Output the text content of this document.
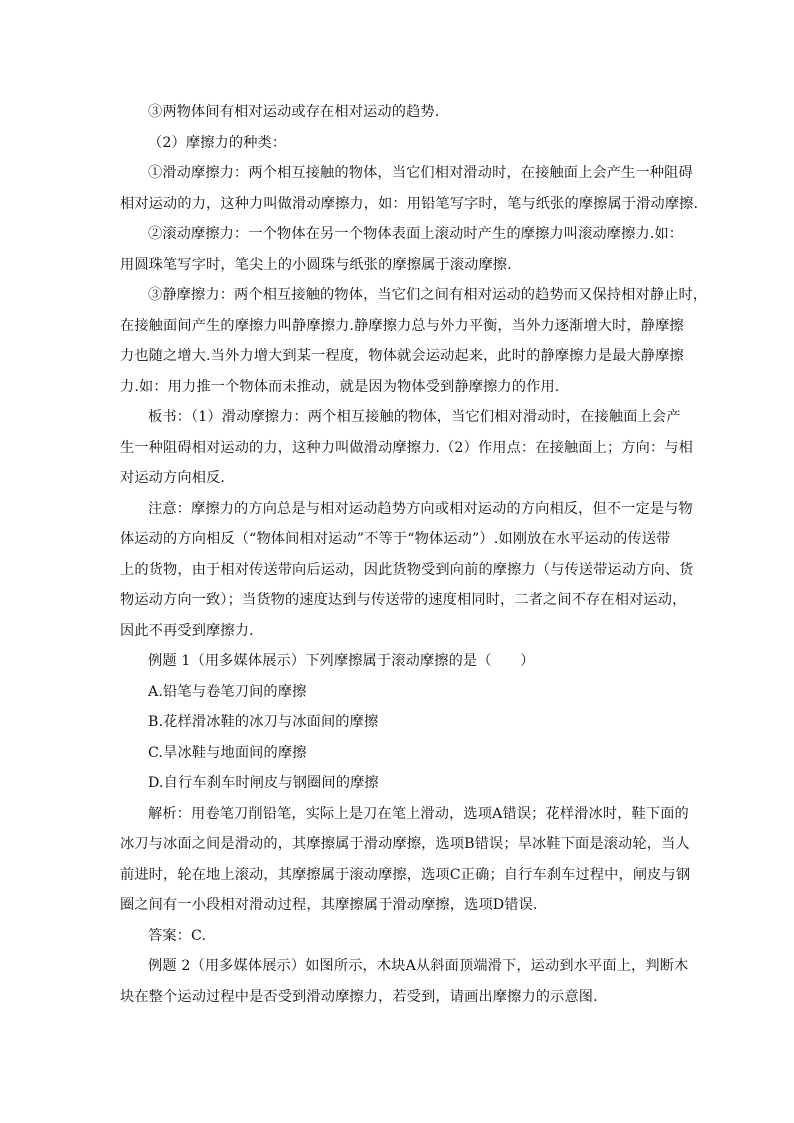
③两物体间有相对运动或存在相对运动的趋势.

（2）摩擦力的种类：

①滑动摩擦力：两个相互接触的物体，当它们相对滑动时，在接触面上会产生一种阻碍

相对运动的力，这种力叫做滑动摩擦力，如：用铅笔写字时，笔与纸张的摩擦属于滑动摩擦.

②滚动摩擦力：一个物体在另一个物体表面上滚动时产生的摩擦力叫滚动摩擦力.如：

用圆珠笔写字时，笔尖上的小圆珠与纸张的摩擦属于滚动摩擦.

③静摩擦力：两个相互接触的物体，当它们之间有相对运动的趋势而又保持相对静止时，

在接触面间产生的摩擦力叫静摩擦力.静摩擦力总与外力平衡，当外力逐渐增大时，静摩擦

力也随之增大.当外力增大到某一程度，物体就会运动起来，此时的静摩擦力是最大静摩擦

力.如：用力推一个物体而未推动，就是因为物体受到静摩擦力的作用.

板书：（1）滑动摩擦力：两个相互接触的物体，当它们相对滑动时，在接触面上会产

生一种阻碍相对运动的力，这种力叫做滑动摩擦力.（2）作用点：在接触面上；方向：与相

对运动方向相反.

注意：摩擦力的方向总是与相对运动趋势方向或相对运动的方向相反，但不一定是与物

体运动的方向相反（“物体间相对运动”不等于“物体运动”）.如刚放在水平运动的传送带

上的货物，由于相对传送带向后运动，因此货物受到向前的摩擦力（与传送带运动方向、货

物运动方向一致）；当货物的速度达到与传送带的速度相同时，二者之间不存在相对运动，

因此不再受到摩擦力.

例题 1（用多媒体展示）下列摩擦属于滚动摩擦的是（　　）

A.铅笔与卷笔刀间的摩擦

B.花样滑冰鞋的冰刀与冰面间的摩擦

C.旱冰鞋与地面间的摩擦

D.自行车刹车时闸皮与钢圈间的摩擦

解析：用卷笔刀削铅笔，实际上是刀在笔上滑动，选项A错误；花样滑冰时，鞋下面的

冰刀与冰面之间是滑动的，其摩擦属于滑动摩擦，选项B错误；旱冰鞋下面是滚动轮，当人

前进时，轮在地上滚动，其摩擦属于滚动摩擦，选项C正确；自行车刹车过程中，闸皮与钢

圈之间有一小段相对滑动过程，其摩擦属于滑动摩擦，选项D错误.

答案：C.

例题 2（用多媒体展示）如图所示，木块A从斜面顶端滑下，运动到水平面上，判断木

块在整个运动过程中是否受到滑动摩擦力，若受到，请画出摩擦力的示意图.
